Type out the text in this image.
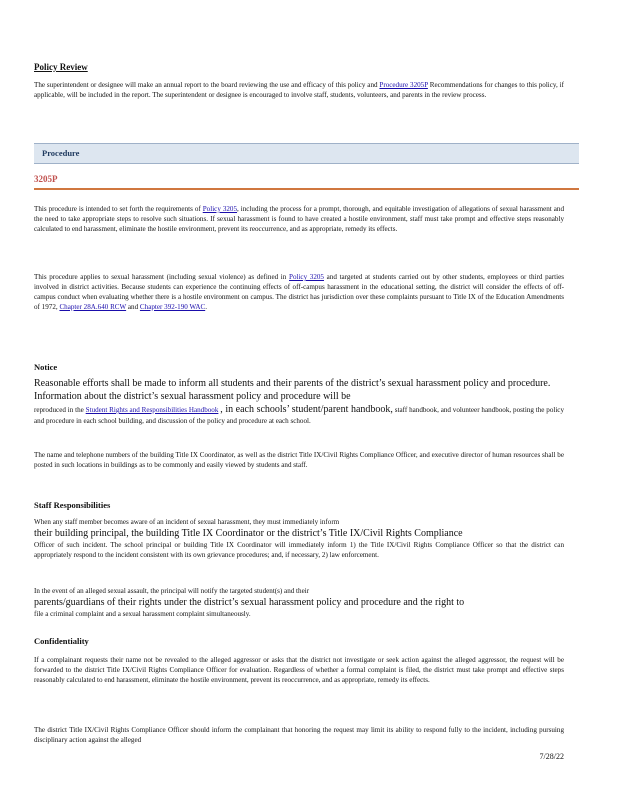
Policy Review
The superintendent or designee will make an annual report to the board reviewing the use and efficacy of this policy and Procedure 3205P Recommendations for changes to this policy, if applicable, will be included in the report. The superintendent or designee is encouraged to involve staff, students, volunteers, and parents in the review process.
Procedure
3205P
This procedure is intended to set forth the requirements of Policy 3205, including the process for a prompt, thorough, and equitable investigation of allegations of sexual harassment and the need to take appropriate steps to resolve such situations. If sexual harassment is found to have created a hostile environment, staff must take prompt and effective steps reasonably calculated to end harassment, eliminate the hostile environment, prevent its reoccurrence, and as appropriate, remedy its effects.
This procedure applies to sexual harassment (including sexual violence) as defined in Policy 3205 and targeted at students carried out by other students, employees or third parties involved in district activities. Because students can experience the continuing effects of off-campus harassment in the educational setting, the district will consider the effects of off-campus conduct when evaluating whether there is a hostile environment on campus. The district has jurisdiction over these complaints pursuant to Title IX of the Education Amendments of 1972, Chapter 28A.640 RCW and Chapter 392-190 WAC.
Notice
Reasonable efforts shall be made to inform all students and their parents of the district’s sexual harassment policy and procedure. Information about the district’s sexual harassment policy and procedure will be
reproduced in the Student Rights and Responsibilities Handbook , in each schools’ student/parent handbook, staff handbook, and volunteer handbook, posting the policy and procedure in each school building, and discussion of the policy and procedure at each school.
The name and telephone numbers of the building Title IX Coordinator, as well as the district Title IX/Civil Rights Compliance Officer, and executive director of human resources shall be posted in such locations in buildings as to be commonly and easily viewed by students and staff.
Staff Responsibilities
When any staff member becomes aware of an incident of sexual harassment, they must immediately inform
their building principal, the building Title IX Coordinator or the district’s Title IX/Civil Rights Compliance
Officer of such incident. The school principal or building Title IX Coordinator will immediately inform 1) the Title IX/Civil Rights Compliance Officer so that the district can appropriately respond to the incident consistent with its own grievance procedures; and, if necessary, 2) law enforcement.
In the event of an alleged sexual assault, the principal will notify the targeted student(s) and their
parents/guardians of their rights under the district’s sexual harassment policy and procedure and the right to
file a criminal complaint and a sexual harassment complaint simultaneously.
Confidentiality
If a complainant requests their name not be revealed to the alleged aggressor or asks that the district not investigate or seek action against the alleged aggressor, the request will be forwarded to the district Title IX/Civil Rights Compliance Officer for evaluation. Regardless of whether a formal complaint is filed, the district must take prompt and effective steps reasonably calculated to end harassment, eliminate the hostile environment, prevent its reoccurrence, and as appropriate, remedy its effects.
The district Title IX/Civil Rights Compliance Officer should inform the complainant that honoring the request may limit its ability to respond fully to the incident, including pursuing disciplinary action against the alleged
7/28/22
